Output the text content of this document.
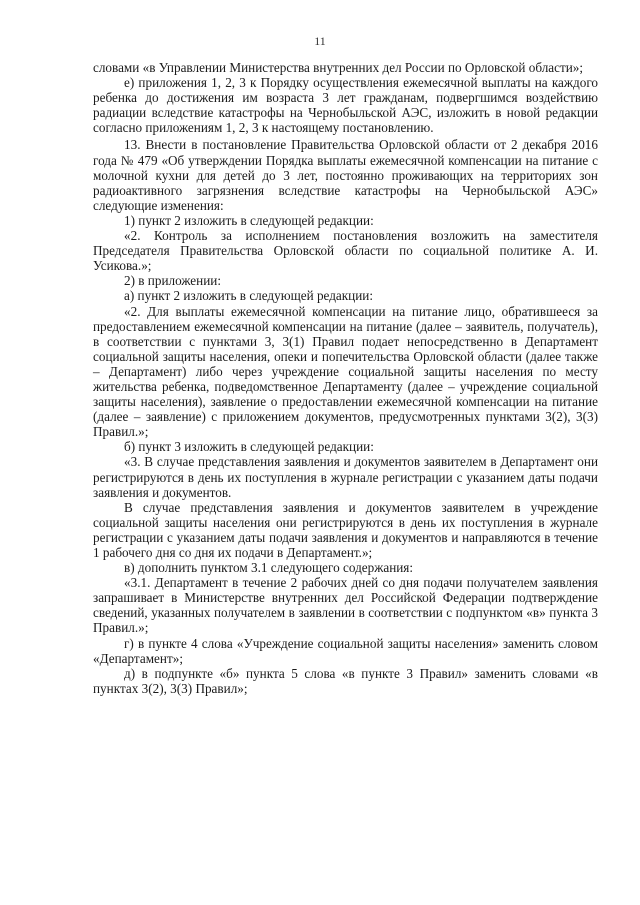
11

словами «в Управлении Министерства внутренних дел России по Орловской области»;

е) приложения 1, 2, 3 к Порядку осуществления ежемесячной выплаты на каждого ребенка до достижения им возраста 3 лет гражданам, подвергшимся воздействию радиации вследствие катастрофы на Чернобыльской АЭС, изложить в новой редакции согласно приложениям 1, 2, 3 к настоящему постановлению.

13. Внести в постановление Правительства Орловской области от 2 декабря 2016 года № 479 «Об утверждении Порядка выплаты ежемесячной компенсации на питание с молочной кухни для детей до 3 лет, постоянно проживающих на территориях зон радиоактивного загрязнения вследствие катастрофы на Чернобыльской АЭС» следующие изменения:

1) пункт 2 изложить в следующей редакции:

«2. Контроль за исполнением постановления возложить на заместителя Председателя Правительства Орловской области по социальной политике А. И. Усикова.»;

2) в приложении:

а) пункт 2 изложить в следующей редакции:

«2. Для выплаты ежемесячной компенсации на питание лицо, обратившееся за предоставлением ежемесячной компенсации на питание (далее – заявитель, получатель), в соответствии с пунктами 3, 3(1) Правил подает непосредственно в Департамент социальной защиты населения, опеки и попечительства Орловской области (далее также – Департамент) либо через учреждение социальной защиты населения по месту жительства ребенка, подведомственное Департаменту (далее – учреждение социальной защиты населения), заявление о предоставлении ежемесячной компенсации на питание (далее – заявление) с приложением документов, предусмотренных пунктами 3(2), 3(3) Правил.»;

б) пункт 3 изложить в следующей редакции:

«3. В случае представления заявления и документов заявителем в Департамент они регистрируются в день их поступления в журнале регистрации с указанием даты подачи заявления и документов.

В случае представления заявления и документов заявителем в учреждение социальной защиты населения они регистрируются в день их поступления в журнале регистрации с указанием даты подачи заявления и документов и направляются в течение 1 рабочего дня со дня их подачи в Департамент.»;

в) дополнить пунктом 3.1 следующего содержания:

«3.1. Департамент в течение 2 рабочих дней со дня подачи получателем заявления запрашивает в Министерстве внутренних дел Российской Федерации подтверждение сведений, указанных получателем в заявлении в соответствии с подпунктом «в» пункта 3 Правил.»;

г) в пункте 4 слова «Учреждение социальной защиты населения» заменить словом «Департамент»;

д) в подпункте «б» пункта 5 слова «в пункте 3 Правил» заменить словами «в пунктах 3(2), 3(3) Правил»;
